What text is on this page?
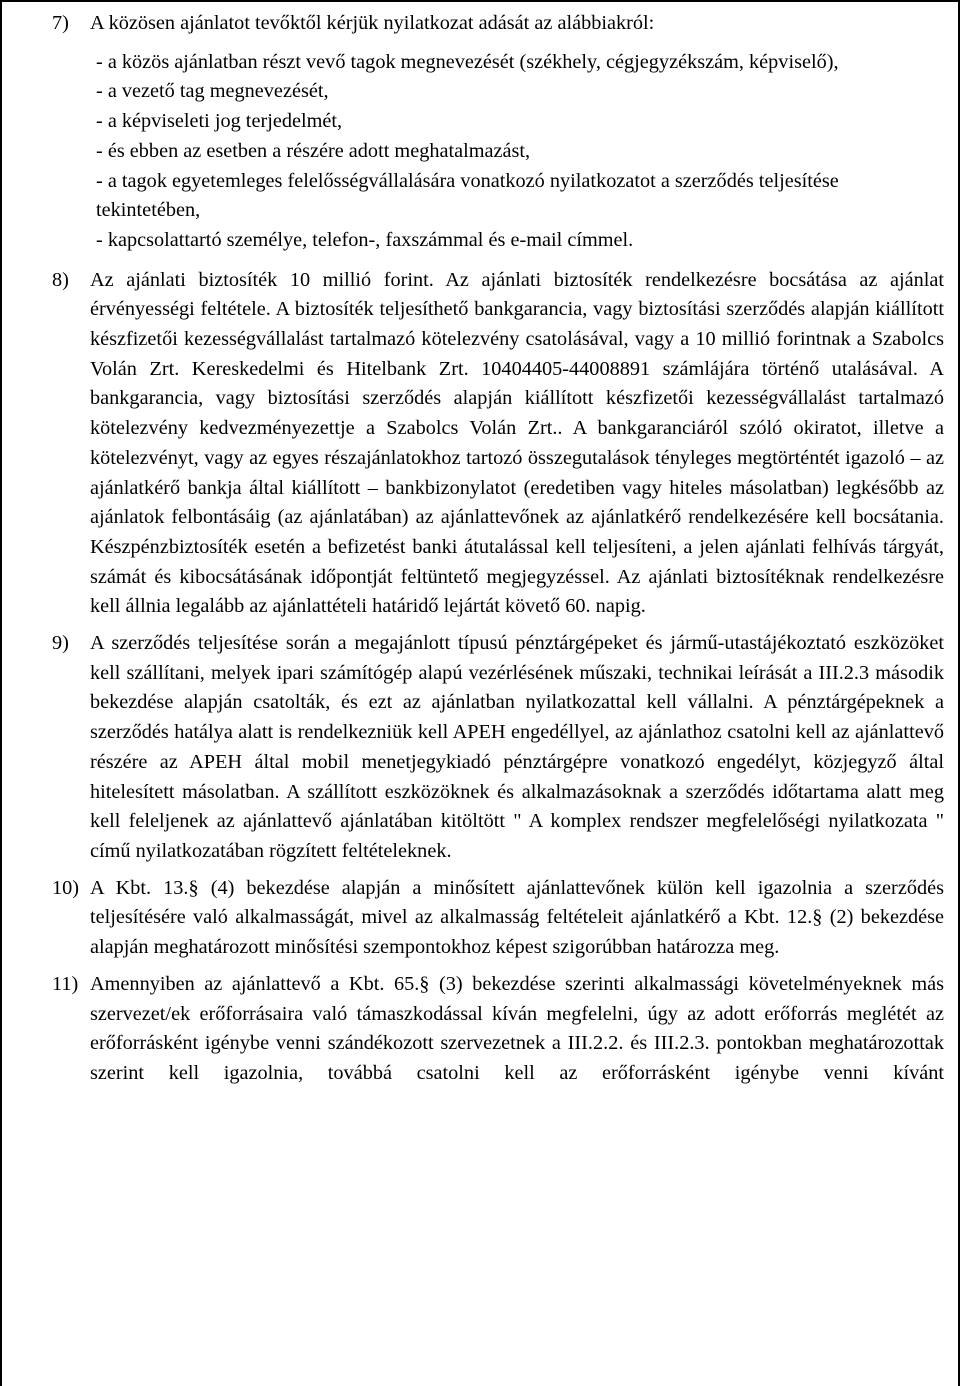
7) A közösen ajánlatot tevőktől kérjük nyilatkozat adását az alábbiakról:
- a közös ajánlatban részt vevő tagok megnevezését (székhely, cégjegyzékszám, képviselő),
- a vezető tag megnevezését,
- a képviseleti jog terjedelmét,
- és ebben az esetben a részére adott meghatalmazást,
- a tagok egyetemleges felelősségvállalására vonatkozó nyilatkozatot a szerződés teljesítése tekintetében,
- kapcsolattartó személye, telefon-, faxszámmal és e-mail címmel.
8) Az ajánlati biztosíték 10 millió forint. Az ajánlati biztosíték rendelkezésre bocsátása az ajánlat érvényességi feltétele. A biztosíték teljesíthető bankgarancia, vagy biztosítási szerződés alapján kiállított készfizetői kezességvállalást tartalmazó kötelezvény csatolásával, vagy a 10 millió forintnak a Szabolcs Volán Zrt. Kereskedelmi és Hitelbank Zrt. 10404405-44008891 számlájára történő utalásával. A bankgarancia, vagy biztosítási szerződés alapján kiállított készfizetői kezességvállalást tartalmazó kötelezvény kedvezményezettje a Szabolcs Volán Zrt.. A bankgaranciáról szóló okiratot, illetve a kötelezvényt, vagy az egyes részajánlatokhoz tartozó összegutalások tényleges megtörténtét igazoló – az ajánlatkérő bankja által kiállított – bankbizonylatot (eredetiben vagy hiteles másolatban) legkésőbb az ajánlatok felbontásáig (az ajánlatában) az ajánlattevőnek az ajánlatkérő rendelkezésére kell bocsátania. Készpénzbiztosíték esetén a befizetést banki átutalással kell teljesíteni, a jelen ajánlati felhívás tárgyát, számát és kibocsátásának időpontját feltüntető megjegyzéssel. Az ajánlati biztosítéknak rendelkezésre kell állnia legalább az ajánlattételi határidő lejártát követő 60. napig.
9) A szerződés teljesítése során a megajánlott típusú pénztárgépeket és jármű-utastájékoztató eszközöket kell szállítani, melyek ipari számítógép alapú vezérlésének műszaki, technikai leírását a III.2.3 második bekezdése alapján csatolták, és ezt az ajánlatban nyilatkozattal kell vállalni. A pénztárgépeknek a szerződés hatálya alatt is rendelkezniük kell APEH engedéllyel, az ajánlathoz csatolni kell az ajánlattevő részére az APEH által mobil menetjegykiadó pénztárgépre vonatkozó engedélyt, közjegyző által hitelesített másolatban. A szállított eszközöknek és alkalmazásoknak a szerződés időtartama alatt meg kell feleljenek az ajánlattevő ajánlatában kitöltött " A komplex rendszer megfelelőségi nyilatkozata " című nyilatkozatában rögzített feltételeknek.
10) A Kbt. 13.§ (4) bekezdése alapján a minősített ajánlattevőnek külön kell igazolnia a szerződés teljesítésére való alkalmasságát, mivel az alkalmasság feltételeit ajánlatkérő a Kbt. 12.§ (2) bekezdése alapján meghatározott minősítési szempontokhoz képest szigorúbban határozza meg.
11) Amennyiben az ajánlattevő a Kbt. 65.§ (3) bekezdése szerinti alkalmassági követelményeknek más szervezet/ek erőforrásaira való támaszkodással kíván megfelelni, úgy az adott erőforrás meglétét az erőforrásként igénybe venni szándékozott szervezetnek a III.2.2. és III.2.3. pontokban meghatározottak szerint kell igazolnia, továbbá csatolni kell az erőforrásként igénybe venni kívánt
